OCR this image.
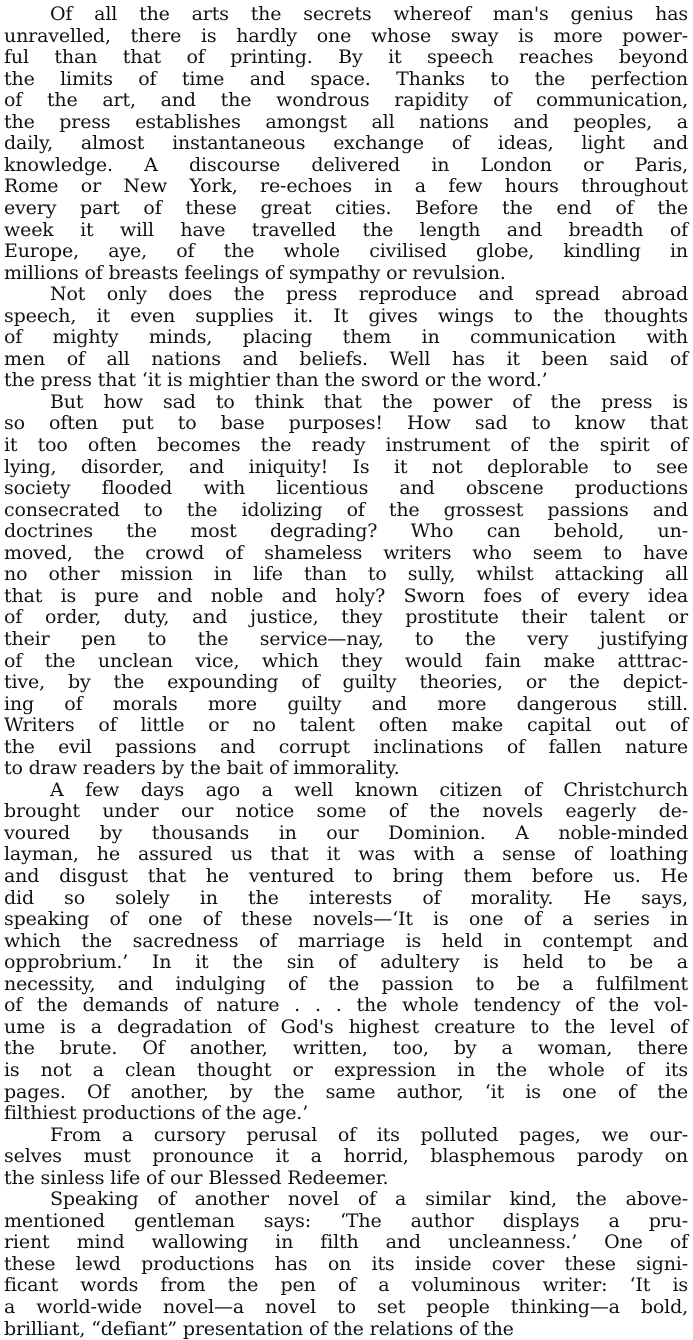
Of all the arts the secrets whereof man's genius has
unravelled, there is hardly one whose sway is more power-
ful than that of printing. By it speech reaches beyond
the limits of time and space. Thanks to the perfection
of the art, and the wondrous rapidity of communication,
the press establishes amongst all nations and peoples, a
daily, almost instantaneous exchange of ideas, light and
knowledge. A discourse delivered in London or Paris,
Rome or New York, re-echoes in a few hours throughout
every part of these great cities. Before the end of the
week it will have travelled the length and breadth of
Europe, aye, of the whole civilised globe, kindling in
millions of breasts feelings of sympathy or revulsion.
Not only does the press reproduce and spread abroad
speech, it even supplies it. It gives wings to the thoughts
of mighty minds, placing them in communication with
men of all nations and beliefs. Well has it been said of
the press that ‘it is mightier than the sword or the word.’
But how sad to think that the power of the press is
so often put to base purposes! How sad to know that
it too often becomes the ready instrument of the spirit of
lying, disorder, and iniquity! Is it not deplorable to see
society flooded with licentious and obscene productions
consecrated to the idolizing of the grossest passions and
doctrines the most degrading? Who can behold, un-
moved, the crowd of shameless writers who seem to have
no other mission in life than to sully, whilst attacking all
that is pure and noble and holy? Sworn foes of every idea
of order, duty, and justice, they prostitute their talent or
their pen to the service—nay, to the very justifying
of the unclean vice, which they would fain make atttrac-
tive, by the expounding of guilty theories, or the depict-
ing of morals more guilty and more dangerous still.
Writers of little or no talent often make capital out of
the evil passions and corrupt inclinations of fallen nature
to draw readers by the bait of immorality.
A few days ago a well known citizen of Christchurch
brought under our notice some of the novels eagerly de-
voured by thousands in our Dominion. A noble-minded
layman, he assured us that it was with a sense of loathing
and disgust that he ventured to bring them before us. He
did so solely in the interests of morality. He says,
speaking of one of these novels—‘It is one of a series in
which the sacredness of marriage is held in contempt and
opprobrium.’ In it the sin of adultery is held to be a
necessity, and indulging of the passion to be a fulfilment
of the demands of nature . . . the whole tendency of the vol-
ume is a degradation of God's highest creature to the level of
the brute. Of another, written, too, by a woman, there
is not a clean thought or expression in the whole of its
pages. Of another, by the same author, ‘it is one of the
filthiest productions of the age.’
From a cursory perusal of its polluted pages, we our-
selves must pronounce it a horrid, blasphemous parody on
the sinless life of our Blessed Redeemer.
Speaking of another novel of a similar kind, the above-
mentioned gentleman says: ‘The author displays a pru-
rient mind wallowing in filth and uncleanness.’ One of
these lewd productions has on its inside cover these signi-
ficant words from the pen of a voluminous writer: ‘It is
a world-wide novel—a novel to set people thinking—a bold,
brilliant, “defiant” presentation of the relations of the
